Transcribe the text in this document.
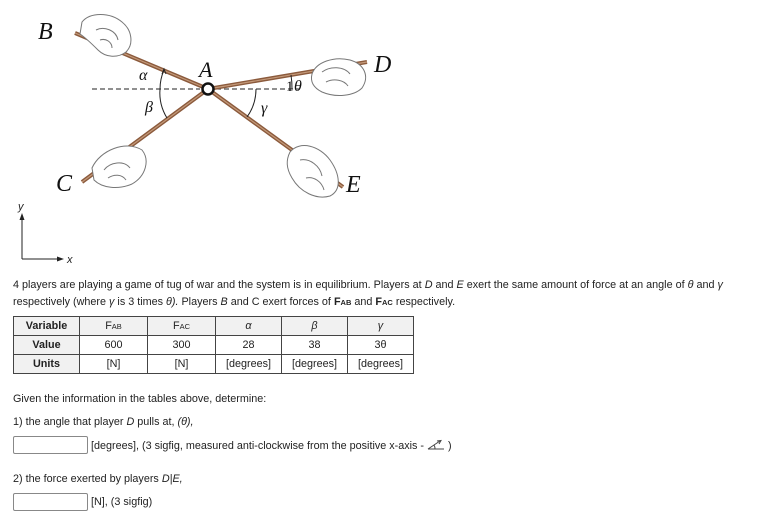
B
A
C
D
E
α
β	γ
1 θ
y
x
4 players are playing a game of tug of war and the system is in equilibrium. Players at D and E exert the same amount of force at an angle of θ and γ
respectively (where γ is 3 times θ). Players B and C exert forces of FAB and FAC respectively.
Variable	FAB	FAC	α	β	γ
Value	600	300	28	38	3θ
Units	[N]	[N]	[degrees]	[degrees]	[degrees]
Given the information in the tables above, determine:
1) the angle that player D pulls at, (θ),
[degrees], (3 sigfig, measured anti-clockwise from the positive x-axis - )
2) the force exerted by players D|E,
[N], (3 sigfig)
